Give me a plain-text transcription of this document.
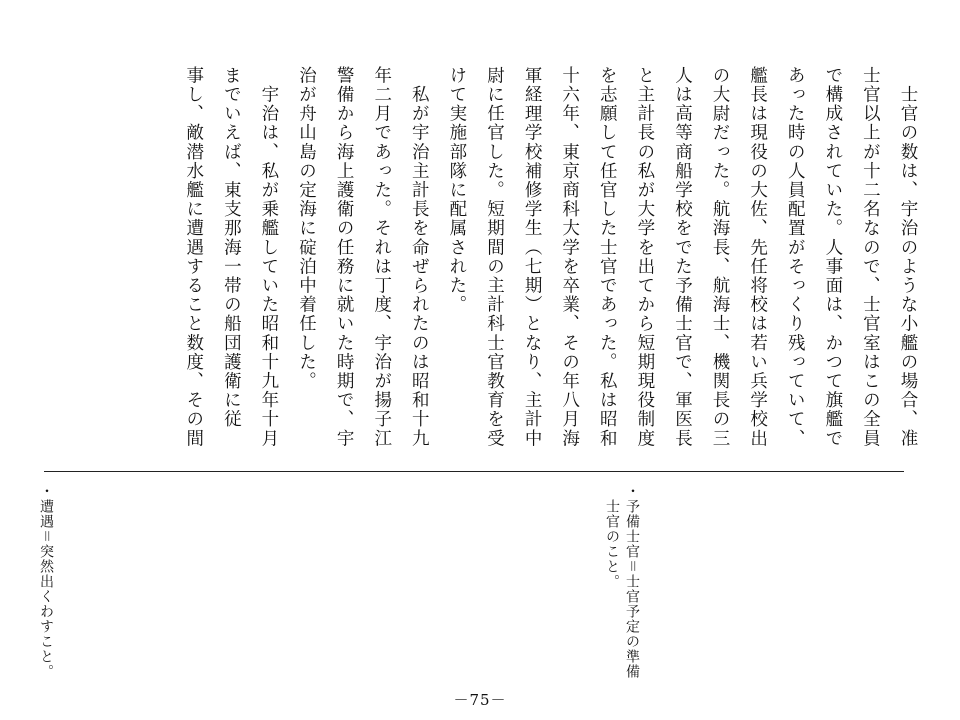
　士官の数は、宇治のような小艦の場合、准
士官以上が十二名なので、士官室はこの全員
で構成されていた。人事面は、かつて旗艦で
あった時の人員配置がそっくり残っていて、
艦長は現役の大佐、先任将校は若い兵学校出
の大尉だった。航海長、航海士、機関長の三
人は高等商船学校をでた予備士官で、軍医長
と主計長の私が大学を出てから短期現役制度
を志願して任官した士官であった。私は昭和
十六年、東京商科大学を卒業、その年八月海
軍経理学校補修学生（七期）となり、主計中
尉に任官した。短期間の主計科士官教育を受
けて実施部隊に配属された。
　私が宇治主計長を命ぜられたのは昭和十九
年二月であった。それは丁度、宇治が揚子江
警備から海上護衛の任務に就いた時期で、宇
治が舟山島の定海に碇泊中着任した。
　宇治は、私が乗艦していた昭和十九年十月
までいえば、東支那海一帯の船団護衛に従
事し、敵潜水艦に遭遇すること数度、その間
・予備士官＝士官予定の準備
　士官のこと。
・遭遇＝突然出くわすこと。
－75－
